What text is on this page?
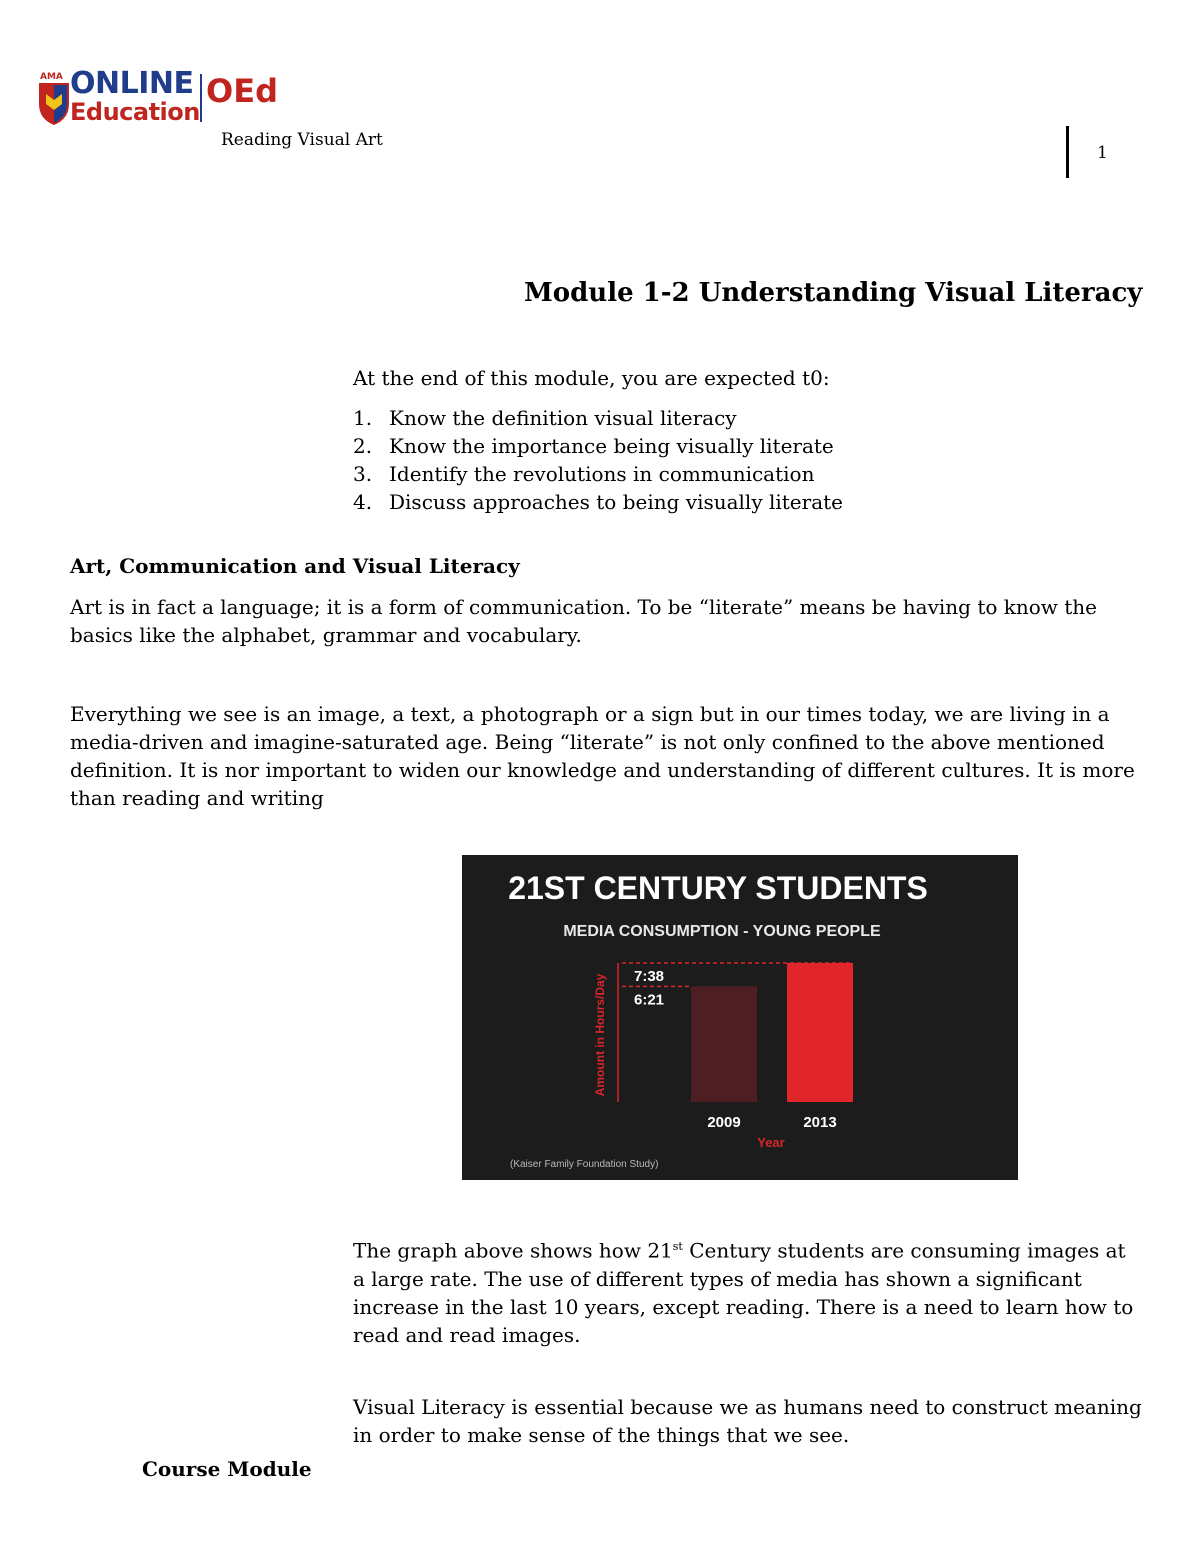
AMA ONLINE
Education
OEd
Reading Visual Art
1
Module 1-2 Understanding Visual Literacy
At the end of this module, you are expected t0:
1. Know the definition visual literacy
2. Know the importance being visually literate
3. Identify the revolutions in communication
4. Discuss approaches to being visually literate
Art, Communication and Visual Literacy
Art is in fact a language; it is a form of communication. To be “literate” means be having to know the basics like the alphabet, grammar and vocabulary.
Everything we see is an image, a text, a photograph or a sign but in our times today, we are living in a media-driven and imagine-saturated age. Being “literate” is not only confined to the above mentioned definition. It is nor important to widen our knowledge and understanding of different cultures. It is more than reading and writing
21ST CENTURY STUDENTS
MEDIA CONSUMPTION - YOUNG PEOPLE
Amount in Hours/Day 6:21
2009
7:38
2013
Year
(Kaiser Family Foundation Study)
The graph above shows how 21st Century students are consuming images at a large rate. The use of different types of media has shown a significant increase in the last 10 years, except reading. There is a need to learn how to read and read images.
Visual Literacy is essential because we as humans need to construct meaning in order to make sense of the things that we see.
Course Module
